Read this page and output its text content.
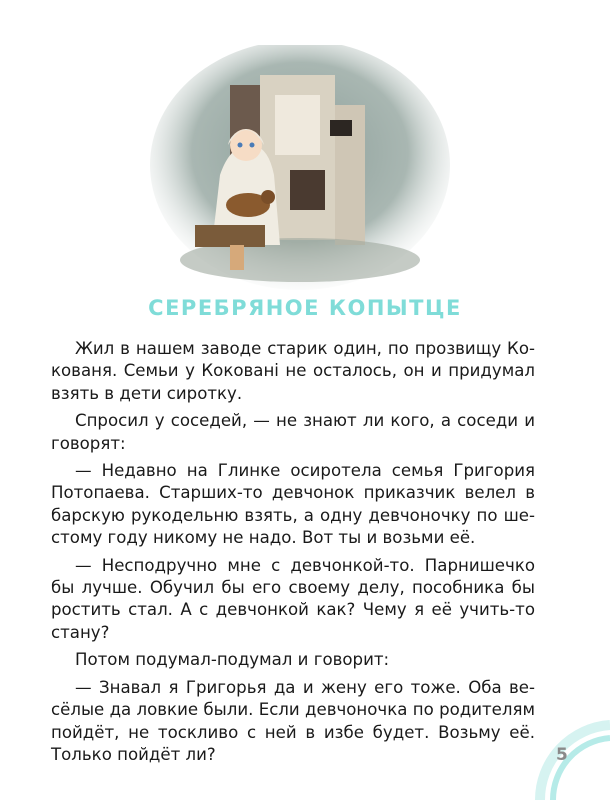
СЕРЕБРЯНОЕ КОПЫТЦЕ

Жил в нашем заводе старик один, по прозвищу Кокованя. Семьи у Кокованi не осталось, он и придумал взять в дети сиротку.

Спросил у соседей, — не знают ли кого, а соседи и говорят:

— Недавно на Глинке осиротела семья Григория Потопаева. Старших-то девчонок приказчик велел в барскую рукодельню взять, а одну девчоночку по шестому году никому не надо. Вот ты и возьми её.

— Несподручно мне с девчонкой-то. Парнишечко бы лучше. Обучил бы его своему делу, пособника бы ростить стал. А с девчонкой как? Чему я её учить-то стану?

Потом подумал-подумал и говорит:

— Знавал я Григорья да и жену его тоже. Оба весёлые да ловкие были. Если девчоночка по родителям пойдёт, не тоскливо с ней в избе будет. Возьму её. Только пойдёт ли?	5
